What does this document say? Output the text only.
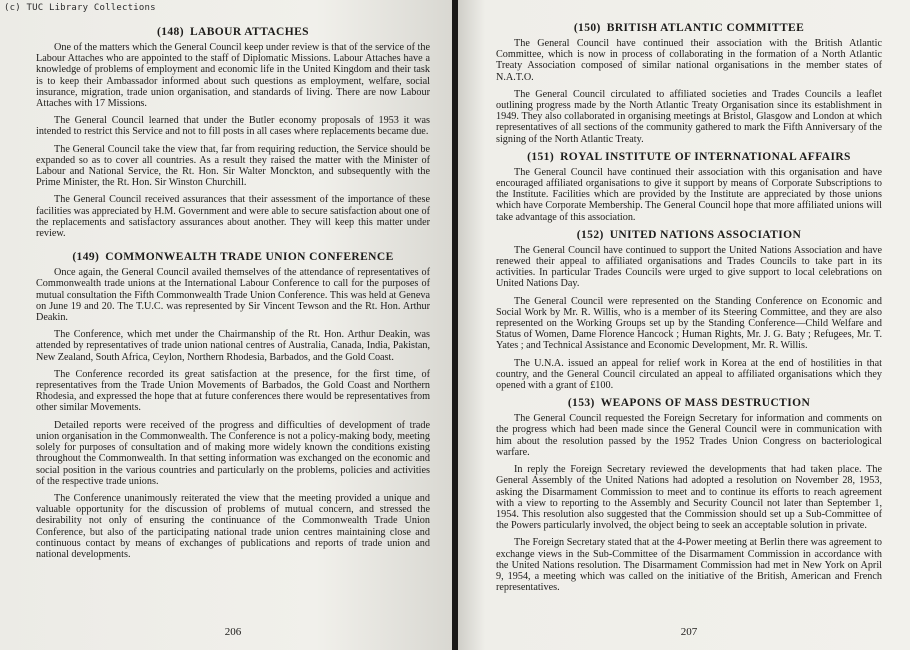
(148) LABOUR ATTACHES

One of the matters which the General Council keep under review is that of the service of the Labour Attaches who are appointed to the staff of Diplomatic Missions. Labour Attaches have a knowledge of problems of employment and economic life in the United Kingdom and their task is to keep their Ambassador informed about such questions as employment, welfare, social insurance, migration, trade union organisation, and standards of living. There are now Labour Attaches with 17 Missions.

The General Council learned that under the Butler economy proposals of 1953 it was intended to restrict this Service and not to fill posts in all cases where replacements became due.

The General Council take the view that, far from requiring reduction, the Service should be expanded so as to cover all countries. As a result they raised the matter with the Minister of Labour and National Service, the Rt. Hon. Sir Walter Monckton, and subsequently with the Prime Minister, the Rt. Hon. Sir Winston Churchill.

The General Council received assurances that their assessment of the importance of these facilities was appreciated by H.M. Government and were able to secure satisfaction about one of the replacements and satisfactory assurances about another. They will keep this matter under review.

(149) COMMONWEALTH TRADE UNION CONFERENCE

Once again, the General Council availed themselves of the attendance of representatives of Commonwealth trade unions at the International Labour Conference to call for the purposes of mutual consultation the Fifth Commonwealth Trade Union Conference. This was held at Geneva on June 19 and 20. The T.U.C. was represented by Sir Vincent Tewson and the Rt. Hon. Arthur Deakin.

The Conference, which met under the Chairmanship of the Rt. Hon. Arthur Deakin, was attended by representatives of trade union national centres of Australia, Canada, India, Pakistan, New Zealand, South Africa, Ceylon, Northern Rhodesia, Barbados, and the Gold Coast.

The Conference recorded its great satisfaction at the presence, for the first time, of representatives from the Trade Union Movements of Barbados, the Gold Coast and Northern Rhodesia, and expressed the hope that at future conferences there would be representatives from other similar Movements.

Detailed reports were received of the progress and difficulties of development of trade union organisation in the Commonwealth. The Conference is not a policy-making body, meeting solely for purposes of consultation and of making more widely known the conditions existing throughout the Commonwealth. In that setting information was exchanged on the economic and social position in the various countries and particularly on the problems, policies and activities of the respective trade unions.

The Conference unanimously reiterated the view that the meeting provided a unique and valuable opportunity for the discussion of problems of mutual concern, and stressed the desirability not only of ensuring the continuance of the Commonwealth Trade Union Conference, but also of the participating national trade union centres maintaining close and continuous contact by means of exchanges of publications and reports of trade union and national developments.

206
(150) BRITISH ATLANTIC COMMITTEE

The General Council have continued their association with the British Atlantic Committee, which is now in process of collaborating in the formation of a North Atlantic Treaty Association composed of similar national organisations in the member states of N.A.T.O.

The General Council circulated to affiliated societies and Trades Councils a leaflet outlining progress made by the North Atlantic Treaty Organisation since its establishment in 1949. They also collaborated in organising meetings at Bristol, Glasgow and London at which representatives of all sections of the community gathered to mark the Fifth Anniversary of the signing of the North Atlantic Treaty.

(151) ROYAL INSTITUTE OF INTERNATIONAL AFFAIRS

The General Council have continued their association with this organisation and have encouraged affiliated organisations to give it support by means of Corporate Subscriptions to the Institute. Facilities which are provided by the Institute are appreciated by those unions which have Corporate Membership. The General Council hope that more affiliated unions will take advantage of this association.

(152) UNITED NATIONS ASSOCIATION

The General Council have continued to support the United Nations Association and have renewed their appeal to affiliated organisations and Trades Councils to take part in its activities. In particular Trades Councils were urged to give support to local celebrations on United Nations Day.

The General Council were represented on the Standing Conference on Economic and Social Work by Mr. R. Willis, who is a member of its Steering Committee, and they are also represented on the Working Groups set up by the Standing Conference—Child Welfare and Status of Women, Dame Florence Hancock ; Human Rights, Mr. J. G. Baty ; Refugees, Mr. T. Yates ; and Technical Assistance and Economic Development, Mr. R. Willis.

The U.N.A. issued an appeal for relief work in Korea at the end of hostilities in that country, and the General Council circulated an appeal to affiliated organisations which they opened with a grant of £100.

(153) WEAPONS OF MASS DESTRUCTION

The General Council requested the Foreign Secretary for information and comments on the progress which had been made since the General Council were in communication with him about the resolution passed by the 1952 Trades Union Congress on bacteriological warfare.

In reply the Foreign Secretary reviewed the developments that had taken place. The General Assembly of the United Nations had adopted a resolution on November 28, 1953, asking the Disarmament Commission to meet and to continue its efforts to reach agreement with a view to reporting to the Assembly and Security Council not later than September 1, 1954. This resolution also suggested that the Commission should set up a Sub-Committee of the Powers particularly involved, the object being to seek an acceptable solution in private.

The Foreign Secretary stated that at the 4-Power meeting at Berlin there was agreement to exchange views in the Sub-Committee of the Disarmament Commission in accordance with the United Nations resolution. The Disarmament Commission had met in New York on April 9, 1954, a meeting which was called on the initiative of the British, American and French representatives.

207
(c) TUC Library Collections
